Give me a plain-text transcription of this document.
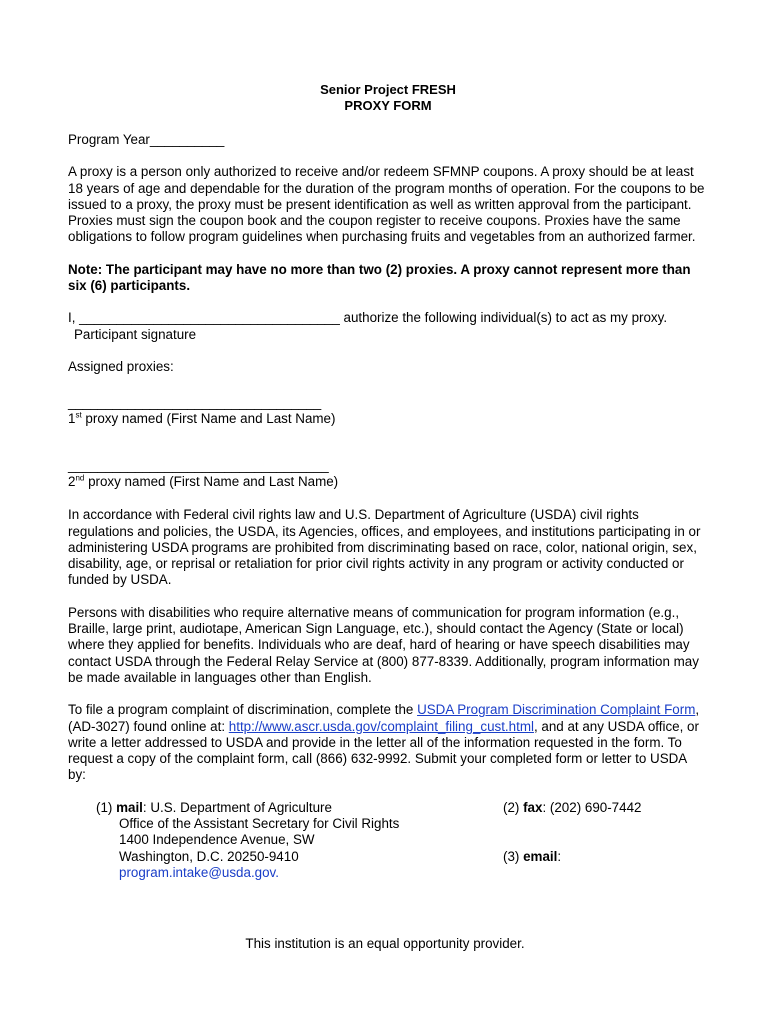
Senior Project FRESH

PROXY FORM

Program Year__________

A proxy is a person only authorized to receive and/or redeem SFMNP coupons. A proxy should be at least 18 years of age and dependable for the duration of the program months of operation. For the coupons to be issued to a proxy, the proxy must be present identification as well as written approval from the participant. Proxies must sign the coupon book and the coupon register to receive coupons. Proxies have the same obligations to follow program guidelines when purchasing fruits and vegetables from an authorized farmer.

Note: The participant may have no more than two (2) proxies. A proxy cannot represent more than six (6) participants.

I, ___________________________________ authorize the following individual(s) to act as my proxy.

Participant signature

Assigned proxies:

__________________________________

1st proxy named (First Name and Last Name)

___________________________________

2nd proxy named (First Name and Last Name)

In accordance with Federal civil rights law and U.S. Department of Agriculture (USDA) civil rights regulations and policies, the USDA, its Agencies, offices, and employees, and institutions participating in or administering USDA programs are prohibited from discriminating based on race, color, national origin, sex, disability, age, or reprisal or retaliation for prior civil rights activity in any program or activity conducted or funded by USDA.

Persons with disabilities who require alternative means of communication for program information (e.g., Braille, large print, audiotape, American Sign Language, etc.), should contact the Agency (State or local) where they applied for benefits. Individuals who are deaf, hard of hearing or have speech disabilities may contact USDA through the Federal Relay Service at (800) 877-8339. Additionally, program information may be made available in languages other than English.

To file a program complaint of discrimination, complete the USDA Program Discrimination Complaint Form, (AD-3027) found online at: http://www.ascr.usda.gov/complaint_filing_cust.html, and at any USDA office, or write a letter addressed to USDA and provide in the letter all of the information requested in the form. To request a copy of the complaint form, call (866) 632-9992. Submit your completed form or letter to USDA by:

(1) mail: U.S. Department of Agriculture

Office of the Assistant Secretary for Civil Rights

1400 Independence Avenue, SW

Washington, D.C. 20250-9410

program.intake@usda.gov.

(2) fax: (202) 690-7442

(3) email:

This institution is an equal opportunity provider.
